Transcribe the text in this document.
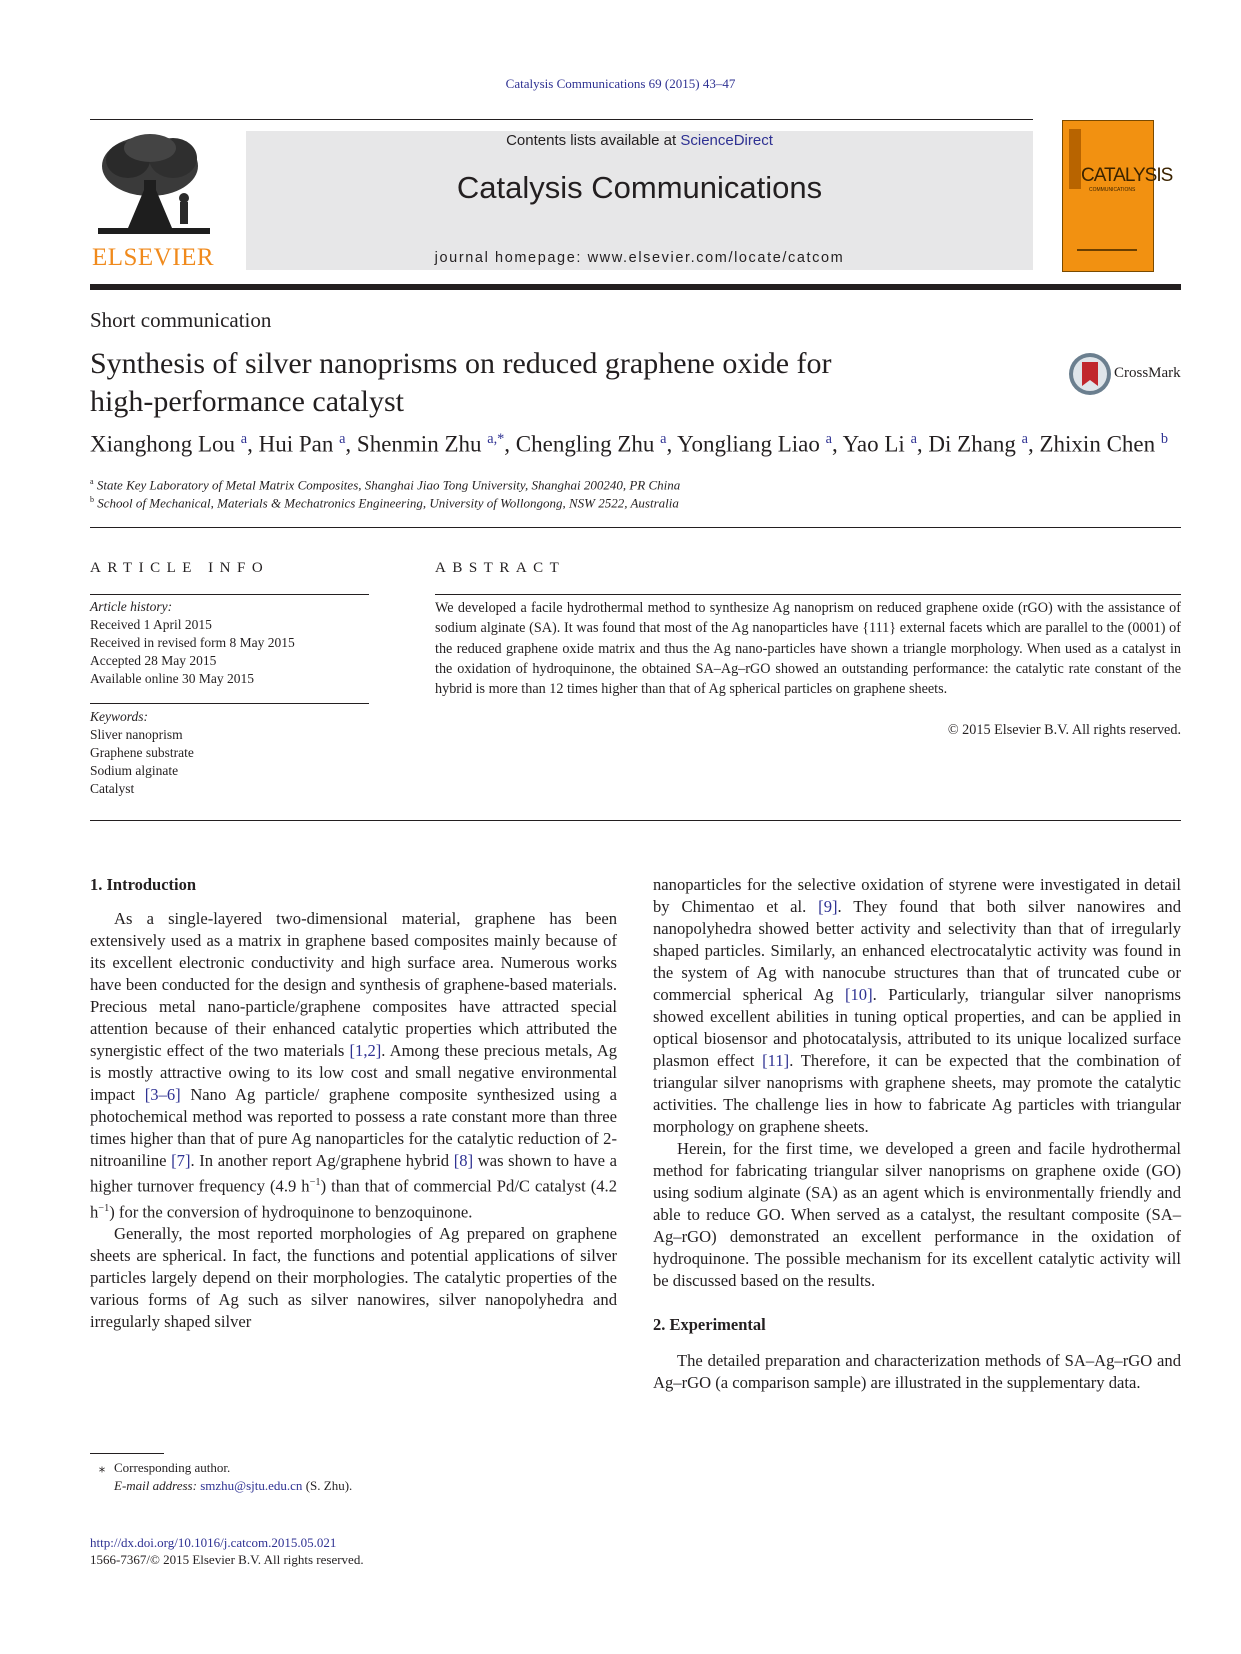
Catalysis Communications 69 (2015) 43–47
ELSEVIER
Contents lists available at ScienceDirect
Catalysis Communications
journal homepage: www.elsevier.com/locate/catcom
CATALYSIS
COMMUNICATIONS
Short communication
Synthesis of silver nanoprisms on reduced graphene oxide for
high-performance catalyst
CrossMark
Xianghong Lou $^a$, Hui Pan $^a$, Shenmin Zhu $^{a,*}$, Chengling Zhu $^a$, Yongliang Liao $^a$, Yao Li $^a$, Di Zhang $^a$, Zhixin Chen $^b$
$^a$ State Key Laboratory of Metal Matrix Composites, Shanghai Jiao Tong University, Shanghai 200240, PR China
$^b$ School of Mechanical, Materials & Mechatronics Engineering, University of Wollongong, NSW 2522, Australia
ARTICLE INFO
Article history:
Received 1 April 2015
Received in revised form 8 May 2015
Accepted 28 May 2015
Available online 30 May 2015
Keywords:
Sliver nanoprism
Graphene substrate
Sodium alginate
Catalyst
ABSTRACT
We developed a facile hydrothermal method to synthesize Ag nanoprism on reduced graphene oxide (rGO) with the assistance of sodium alginate (SA). It was found that most of the Ag nanoparticles have {111} external facets which are parallel to the (0001) of the reduced graphene oxide matrix and thus the Ag nano-particles have shown a triangle morphology. When used as a catalyst in the oxidation of hydroquinone, the obtained SA–Ag–rGO showed an outstanding performance: the catalytic rate constant of the hybrid is more than 12 times higher than that of Ag spherical particles on graphene sheets.
© 2015 Elsevier B.V. All rights reserved.
1. Introduction

As a single-layered two-dimensional material, graphene has been extensively used as a matrix in graphene based composites mainly because of its excellent electronic conductivity and high surface area. Numerous works have been conducted for the design and synthesis of graphene-based materials. Precious metal nano-particle/graphene composites have attracted special attention because of their enhanced catalytic properties which attributed the synergistic effect of the two materials [1,2]. Among these precious metals, Ag is mostly attractive owing to its low cost and small negative environmental impact [3–6] Nano Ag particle/ graphene composite synthesized using a photochemical method was reported to possess a rate constant more than three times higher than that of pure Ag nanoparticles for the catalytic reduction of 2-nitroaniline [7]. In another report Ag/graphene hybrid [8] was shown to have a higher turnover frequency (4.9 $h^{-1}$) than that of commercial Pd/C catalyst (4.2 $h^{-1}$) for the conversion of hydroquinone to benzoquinone.

Generally, the most reported morphologies of Ag prepared on graphene sheets are spherical. In fact, the functions and potential applications of silver particles largely depend on their morphologies. The catalytic properties of the various forms of Ag such as silver nanowires, silver nanopolyhedra and irregularly shaped silver

nanoparticles for the selective oxidation of styrene were investigated in detail by Chimentao et al. [9]. They found that both silver nanowires and nanopolyhedra showed better activity and selectivity than that of irregularly shaped particles. Similarly, an enhanced electrocatalytic activity was found in the system of Ag with nanocube structures than that of truncated cube or commercial spherical Ag [10]. Particularly, triangular silver nanoprisms showed excellent abilities in tuning optical properties, and can be applied in optical biosensor and photocatalysis, attributed to its unique localized surface plasmon effect [11]. Therefore, it can be expected that the combination of triangular silver nanoprisms with graphene sheets, may promote the catalytic activities. The challenge lies in how to fabricate Ag particles with triangular morphology on graphene sheets.

Herein, for the first time, we developed a green and facile hydrothermal method for fabricating triangular silver nanoprisms on graphene oxide (GO) using sodium alginate (SA) as an agent which is environmentally friendly and able to reduce GO. When served as a catalyst, the resultant composite (SA–Ag–rGO) demonstrated an excellent performance in the oxidation of hydroquinone. The possible mechanism for its excellent catalytic activity will be discussed based on the results.

2. Experimental

The detailed preparation and characterization methods of SA–Ag–rGO and Ag–rGO (a comparison sample) are illustrated in the supplementary data.

⁎ Corresponding author.
E-mail address: smzhu@sjtu.edu.cn (S. Zhu).
http://dx.doi.org/10.1016/j.catcom.2015.05.021
1566-7367/© 2015 Elsevier B.V. All rights reserved.
